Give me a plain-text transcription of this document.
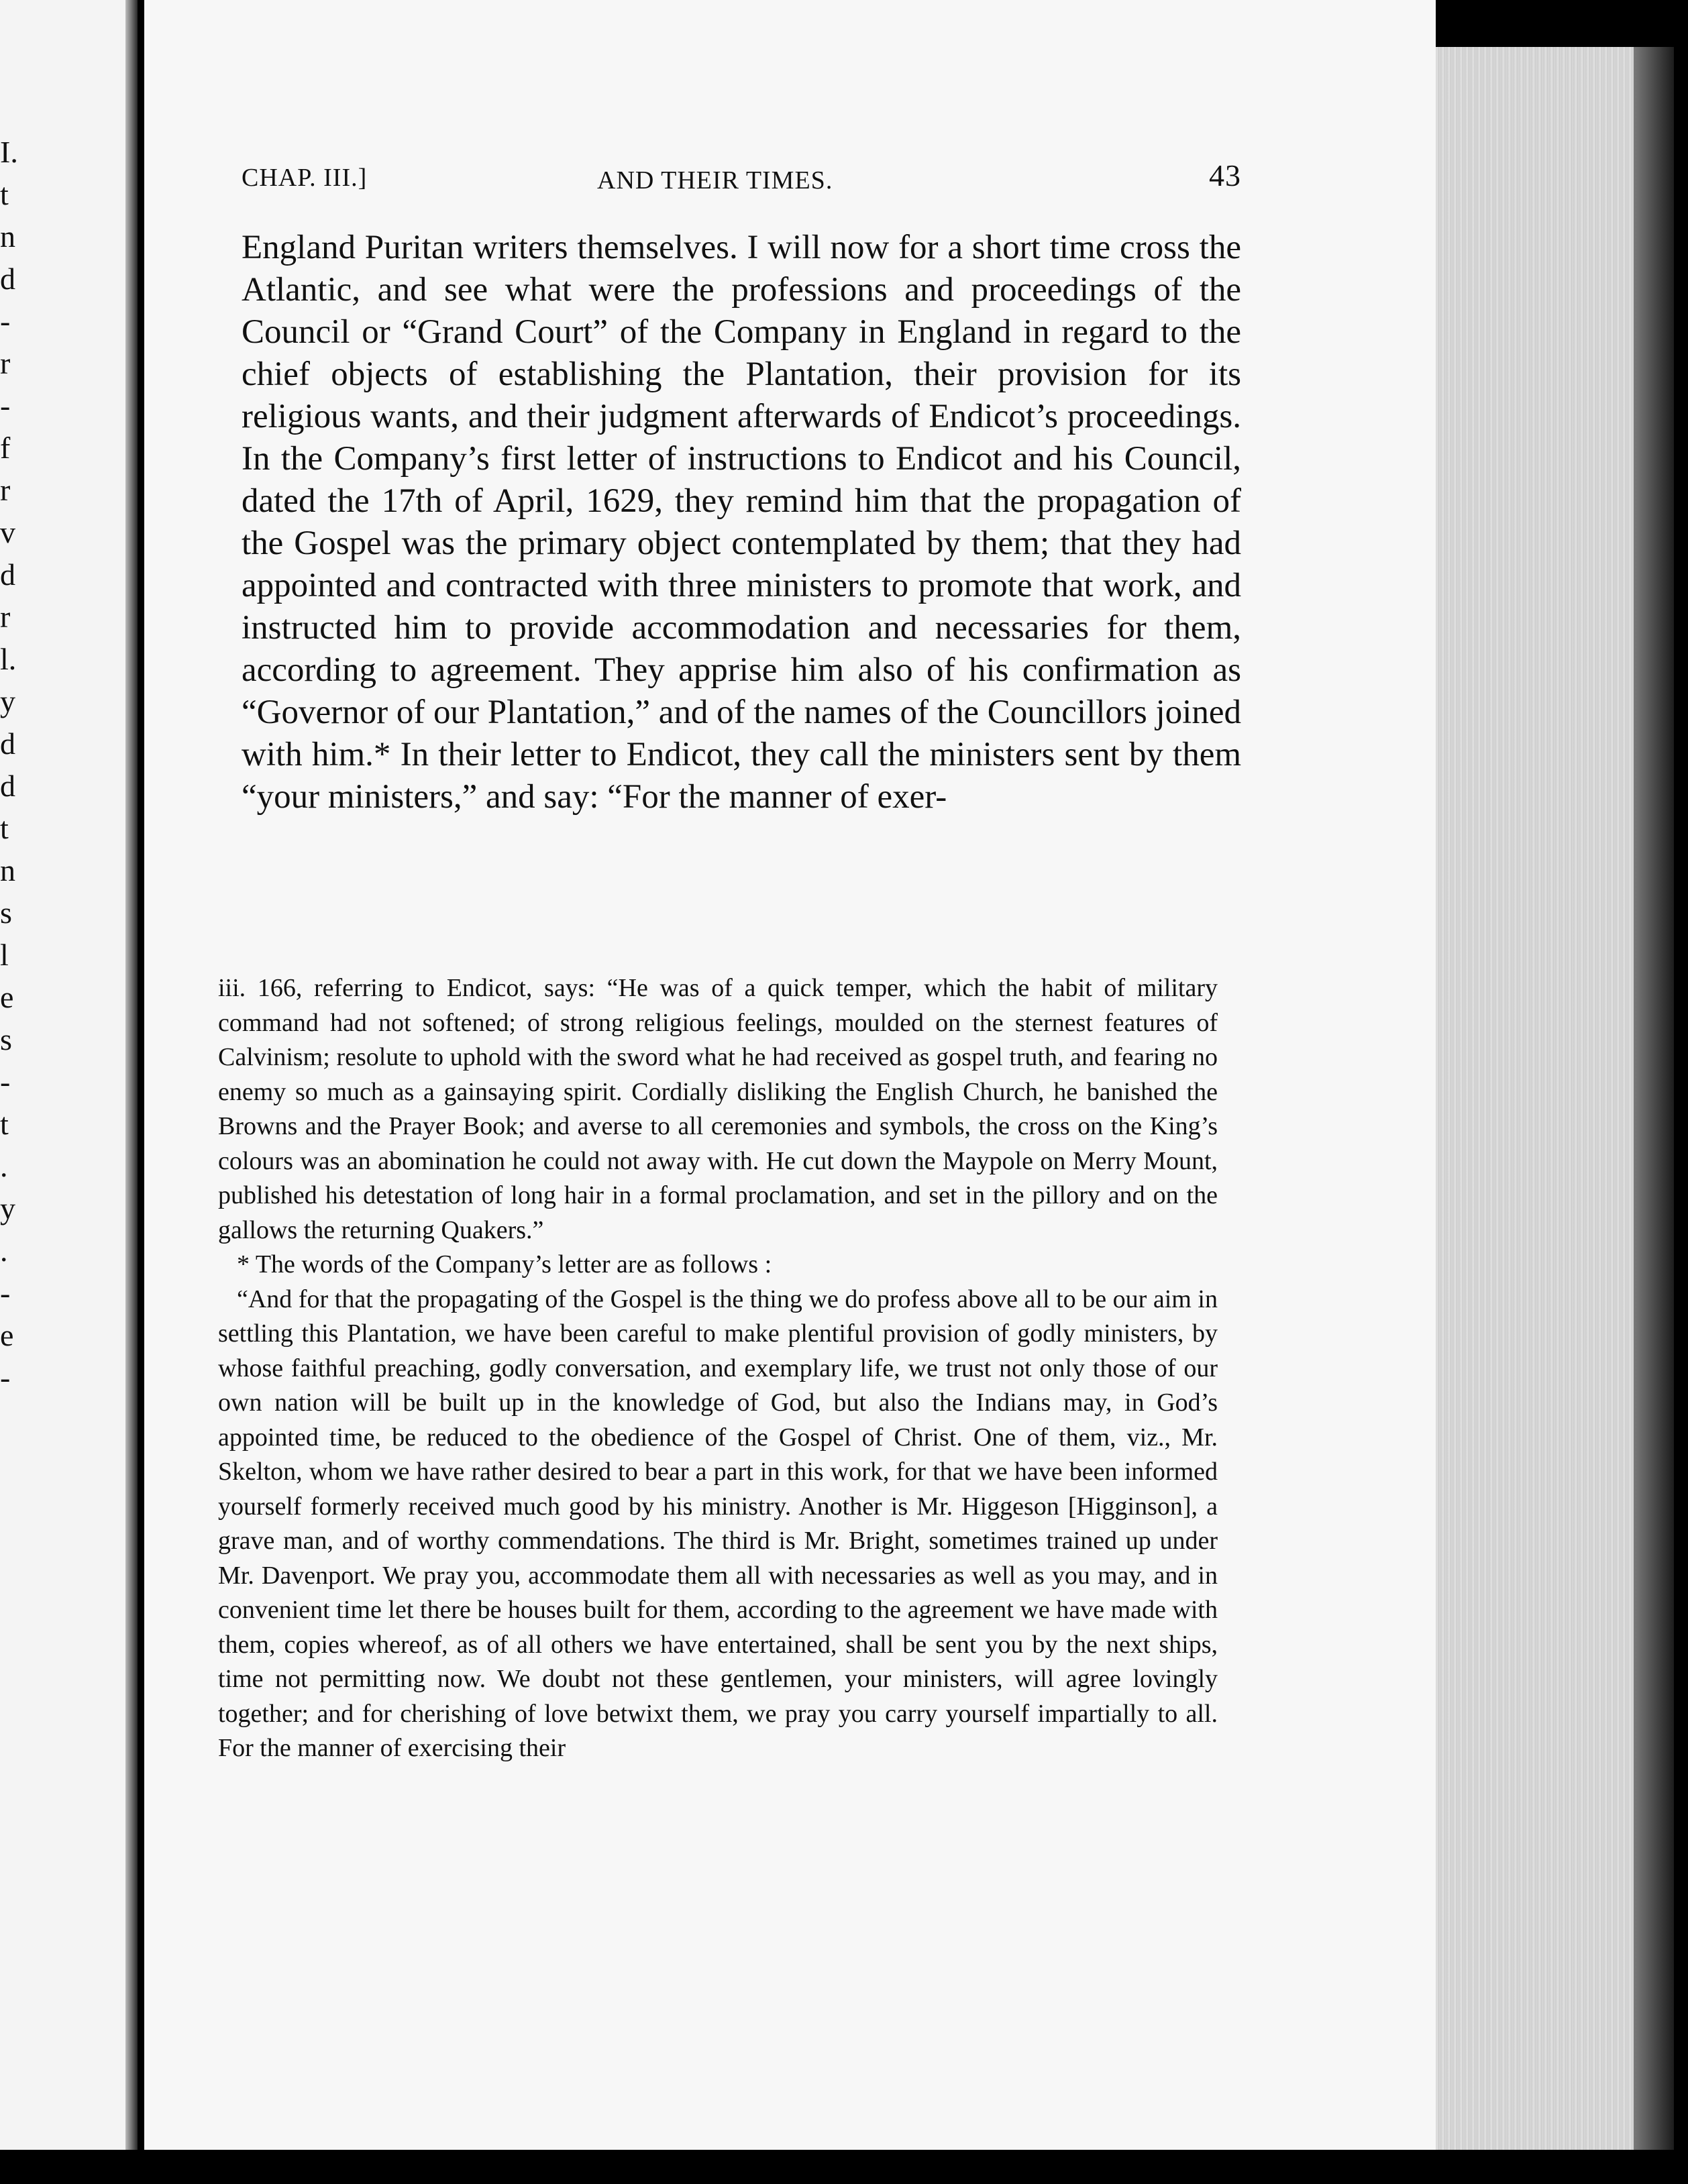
I.
t
n
d
-
r
-
f
r
v
d
r
l.
y
d
d
t
n
s
l
e
s
-
t
.
y
.
-
e
-
CHAP. III.]	AND THEIR TIMES.	43

England Puritan writers themselves. I will now for a short time cross the Atlantic, and see what were the professions and proceedings of the Council or “Grand Court” of the Company in England in regard to the chief objects of establishing the Plantation, their provision for its religious wants, and their judgment afterwards of Endicot’s proceedings. In the Company’s first letter of instructions to Endicot and his Council, dated the 17th of April, 1629, they remind him that the propagation of the Gospel was the primary object contemplated by them; that they had appointed and contracted with three ministers to promote that work, and instructed him to provide accommodation and necessaries for them, according to agreement. They apprise him also of his confirmation as “Governor of our Plantation,” and of the names of the Councillors joined with him.* In their letter to Endicot, they call the ministers sent by them “your ministers,” and say: “For the manner of exer-

iii. 166, referring to Endicot, says: “He was of a quick temper, which the habit of military command had not softened; of strong religious feelings, moulded on the sternest features of Calvinism; resolute to uphold with the sword what he had received as gospel truth, and fearing no enemy so much as a gainsaying spirit. Cordially disliking the English Church, he banished the Browns and the Prayer Book; and averse to all ceremonies and symbols, the cross on the King’s colours was an abomination he could not away with. He cut down the Maypole on Merry Mount, published his detestation of long hair in a formal proclamation, and set in the pillory and on the gallows the returning Quakers.”

* The words of the Company’s letter are as follows :

“And for that the propagating of the Gospel is the thing we do profess above all to be our aim in settling this Plantation, we have been careful to make plentiful provision of godly ministers, by whose faithful preaching, godly conversation, and exemplary life, we trust not only those of our own nation will be built up in the knowledge of God, but also the Indians may, in God’s appointed time, be reduced to the obedience of the Gospel of Christ. One of them, viz., Mr. Skelton, whom we have rather desired to bear a part in this work, for that we have been informed yourself formerly received much good by his ministry. Another is Mr. Higgeson [Higginson], a grave man, and of worthy commendations. The third is Mr. Bright, sometimes trained up under Mr. Davenport. We pray you, accommodate them all with necessaries as well as you may, and in convenient time let there be houses built for them, according to the agreement we have made with them, copies whereof, as of all others we have entertained, shall be sent you by the next ships, time not permitting now. We doubt not these gentlemen, your ministers, will agree lovingly together; and for cherishing of love betwixt them, we pray you carry yourself impartially to all. For the manner of exercising their
